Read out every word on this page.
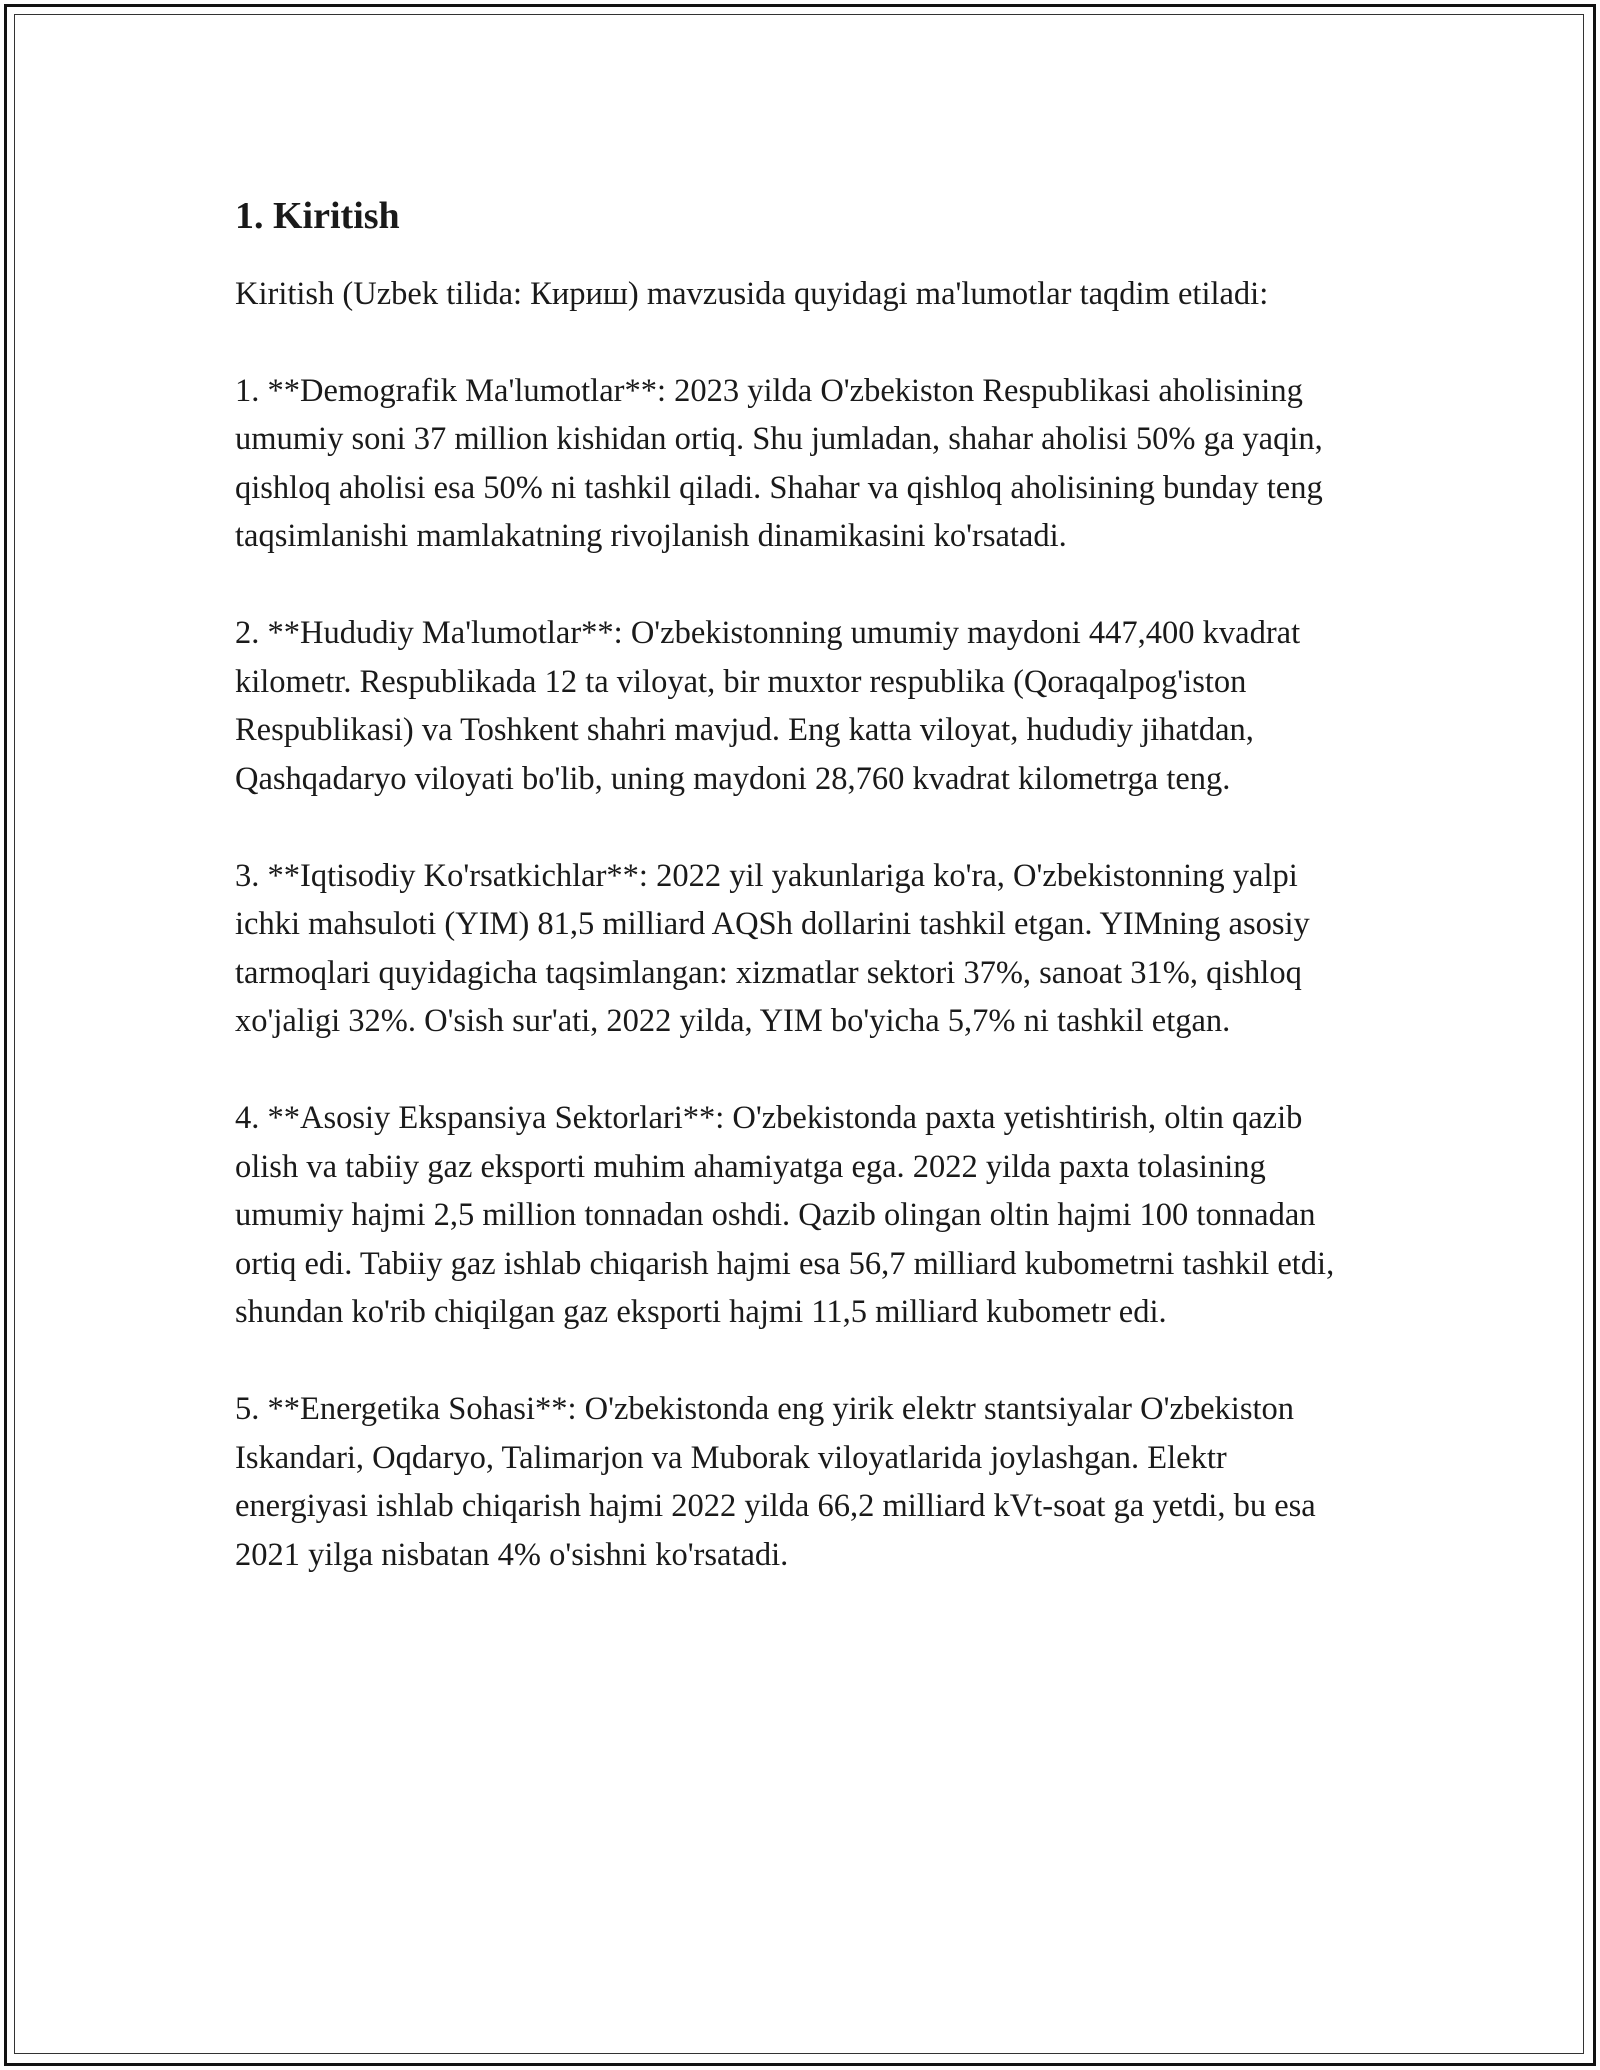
1. Kiritish

Kiritish (Uzbek tilida: Кириш) mavzusida quyidagi ma'lumotlar taqdim etiladi:

1. **Demografik Ma'lumotlar**: 2023 yilda O'zbekiston Respublikasi aholisining umumiy soni 37 million kishidan ortiq. Shu jumladan, shahar aholisi 50% ga yaqin, qishloq aholisi esa 50% ni tashkil qiladi. Shahar va qishloq aholisining bunday teng taqsimlanishi mamlakatning rivojlanish dinamikasini ko'rsatadi.

2. **Hududiy Ma'lumotlar**: O'zbekistonning umumiy maydoni 447,400 kvadrat kilometr. Respublikada 12 ta viloyat, bir muxtor respublika (Qoraqalpog'iston Respublikasi) va Toshkent shahri mavjud. Eng katta viloyat, hududiy jihatdan, Qashqadaryo viloyati bo'lib, uning maydoni 28,760 kvadrat kilometrga teng.

3. **Iqtisodiy Ko'rsatkichlar**: 2022 yil yakunlariga ko'ra, O'zbekistonning yalpi ichki mahsuloti (YIM) 81,5 milliard AQSh dollarini tashkil etgan. YIMning asosiy tarmoqlari quyidagicha taqsimlangan: xizmatlar sektori 37%, sanoat 31%, qishloq xo'jaligi 32%. O'sish sur'ati, 2022 yilda, YIM bo'yicha 5,7% ni tashkil etgan.

4. **Asosiy Ekspansiya Sektorlari**: O'zbekistonda paxta yetishtirish, oltin qazib olish va tabiiy gaz eksporti muhim ahamiyatga ega. 2022 yilda paxta tolasining umumiy hajmi 2,5 million tonnadan oshdi. Qazib olingan oltin hajmi 100 tonnadan ortiq edi. Tabiiy gaz ishlab chiqarish hajmi esa 56,7 milliard kubometrni tashkil etdi, shundan ko'rib chiqilgan gaz eksporti hajmi 11,5 milliard kubometr edi.

5. **Energetika Sohasi**: O'zbekistonda eng yirik elektr stantsiyalar O'zbekiston Iskandari, Oqdaryo, Talimarjon va Muborak viloyatlarida joylashgan. Elektr energiyasi ishlab chiqarish hajmi 2022 yilda 66,2 milliard kVt-soat ga yetdi, bu esa 2021 yilga nisbatan 4% o'sishni ko'rsatadi.
